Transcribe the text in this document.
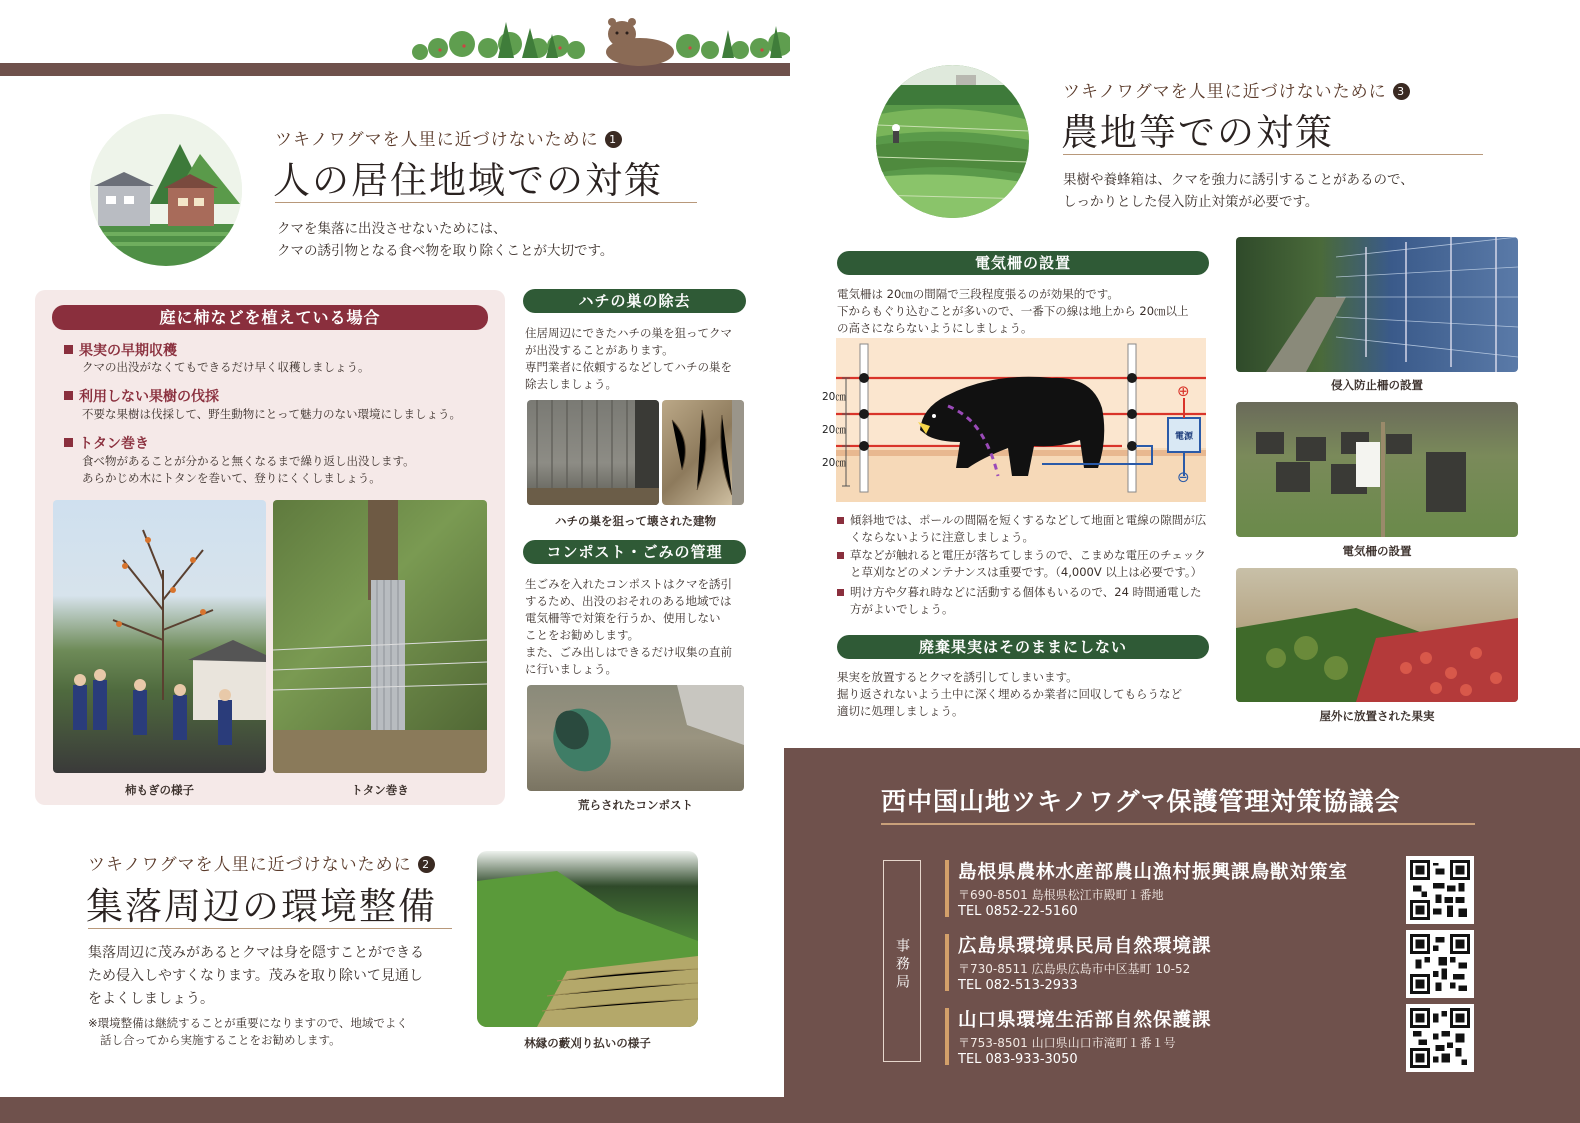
ツキノワグマを人里に近づけないために 1
人の居住地域での対策
クマを集落に出没させないためには、
クマの誘引物となる食べ物を取り除くことが大切です。
庭に柿などを植えている場合
果実の早期収穫
クマの出没がなくてもできるだけ早く収穫しましょう。
利用しない果樹の伐採
不要な果樹は伐採して、野生動物にとって魅力のない環境にしましょう。
トタン巻き
食べ物があることが分かると無くなるまで繰り返し出没します。
あらかじめ木にトタンを巻いて、登りにくくしましょう。
柿もぎの様子	トタン巻き
ハチの巣の除去
住居周辺にできたハチの巣を狙ってクマ
が出没することがあります。
専門業者に依頼するなどしてハチの巣を
除去しましょう。
ハチの巣を狙って壊された建物
コンポスト・ごみの管理
生ごみを入れたコンポストはクマを誘引
するため、出没のおそれのある地域では
電気柵等で対策を行うか、使用しない
ことをお勧めします。
また、ごみ出しはできるだけ収集の直前
に行いましょう。
荒らされたコンポスト
ツキノワグマを人里に近づけないために 2
集落周辺の環境整備
集落周辺に茂みがあるとクマは身を隠すことができる
ため侵入しやすくなります。茂みを取り除いて見通し
をよくしましょう。
※環境整備は継続することが重要になりますので、地域でよく
話し合ってから実施することをお勧めします。	林縁の藪刈り払いの様子
ツキノワグマを人里に近づけないために 3
農地等での対策
果樹や養蜂箱は、クマを強力に誘引することがあるので、
しっかりとした侵入防止対策が必要です。
電気柵の設置
電気柵は 20㎝の間隔で三段程度張るのが効果的です。
下からもぐり込むことが多いので、一番下の線は地上から 20㎝以上
の高さにならないようにしましょう。
20㎝
20㎝
20㎝
電源
⊕
⊖
傾斜地では、ポールの間隔を短くするなどして地面と電線の隙間が広
くならないように注意しましょう。
草などが触れると電圧が落ちてしまうので、こまめな電圧のチェック
と草刈などのメンテナンスは重要です。（4,000V 以上は必要です。）
明け方や夕暮れ時などに活動する個体もいるので、24 時間通電した
方がよいでしょう。
廃棄果実はそのままにしない
果実を放置するとクマを誘引してしまいます。
掘り返されないよう土中に深く埋めるか業者に回収してもらうなど
適切に処理しましょう。
侵入防止柵の設置
電気柵の設置
屋外に放置された果実
西中国山地ツキノワグマ保護管理対策協議会
事務局
島根県農林水産部農山漁村振興課鳥獣対策室
〒690-8501 島根県松江市殿町１番地
TEL 0852-22-5160
広島県環境県民局自然環境課
〒730-8511 広島県広島市中区基町 10-52
TEL 082-513-2933
山口県環境生活部自然保護課
〒753-8501 山口県山口市滝町１番１号
TEL 083-933-3050
